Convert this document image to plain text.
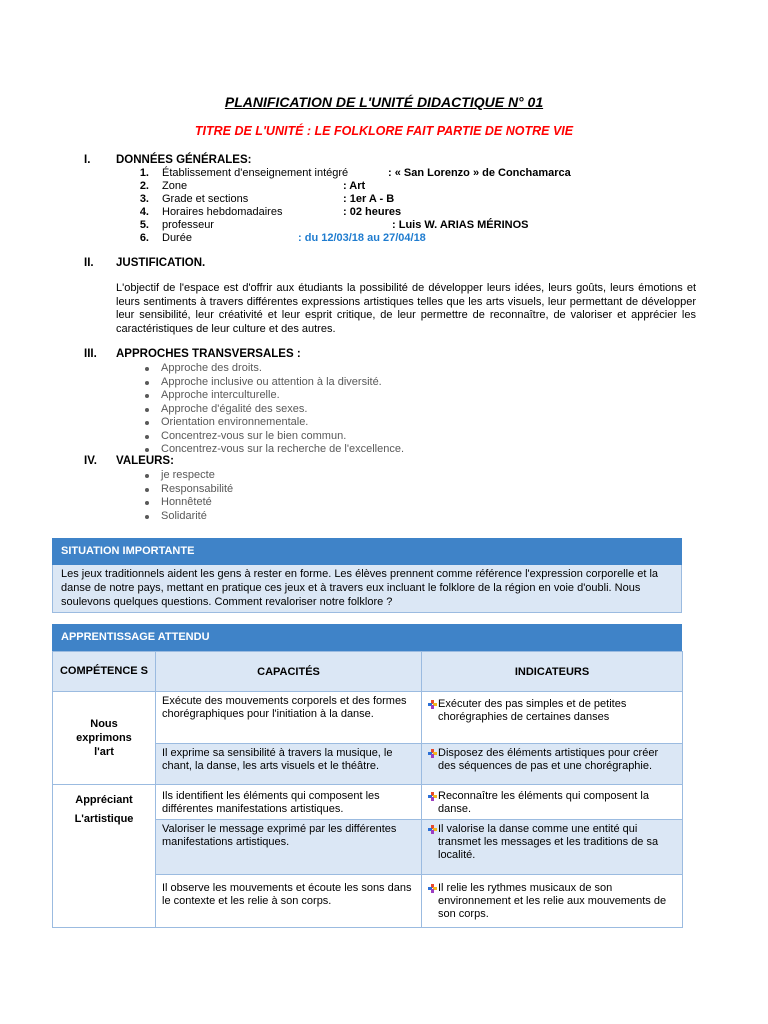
PLANIFICATION DE L'UNITÉ DIDACTIQUE N° 01
TITRE DE L'UNITÉ : LE FOLKLORE FAIT PARTIE DE NOTRE VIE
I. DONNÉES GÉNÉRALES:
1. Établissement d'enseignement intégré	: « San Lorenzo » de Conchamarca
2. Zone	: Art
3. Grade et sections	: 1er A - B
4. Horaires hebdomadaires	: 02 heures
5. professeur	: Luis W. ARIAS MÉRINOS
6. Durée	: du 12/03/18 au 27/04/18
II. JUSTIFICATION.
L'objectif de l'espace est d'offrir aux étudiants la possibilité de développer leurs idées, leurs goûts, leurs émotions et leurs sentiments à travers différentes expressions artistiques telles que les arts visuels, leur permettant de développer leur sensibilité, leur créativité et leur esprit critique, de leur permettre de reconnaître, de valoriser et apprécier les caractéristiques de leur culture et des autres.
III. APPROCHES TRANSVERSALES :
Approche des droits.
Approche inclusive ou attention à la diversité.
Approche interculturelle.
Approche d'égalité des sexes.
Orientation environnementale.
Concentrez-vous sur le bien commun.
Concentrez-vous sur la recherche de l'excellence.
IV. VALEURS:
je respecte
Responsabilité
Honnêteté
Solidarité
SITUATION IMPORTANTE
Les jeux traditionnels aident les gens à rester en forme. Les élèves prennent comme référence l'expression corporelle et la danse de notre pays, mettant en pratique ces jeux et à travers eux incluant le folklore de la région en voie d'oubli. Nous soulevons quelques questions. Comment revaloriser notre folklore ?
APPRENTISSAGE ATTENDU
COMPÉTENCE S	CAPACITÉS	INDICATEURS

Nous exprimons l'art	Exécute des mouvements corporels et des formes chorégraphiques pour l'initiation à la danse.	Exécuter des pas simples et de petites chorégraphies de certaines danses

	Il exprime sa sensibilité à travers la musique, le chant, la danse, les arts visuels et le théâtre.	Disposez des éléments artistiques pour créer des séquences de pas et une chorégraphie.

Appréciant L'artistique	Ils identifient les éléments qui composent les différentes manifestations artistiques.	Reconnaître les éléments qui composent la danse.

	Valoriser le message exprimé par les différentes manifestations artistiques.	Il valorise la danse comme une entité qui transmet les messages et les traditions de sa localité.

	Il observe les mouvements et écoute les sons dans le contexte et les relie à son corps.	Il relie les rythmes musicaux de son environnement et les relie aux mouvements de son corps.
